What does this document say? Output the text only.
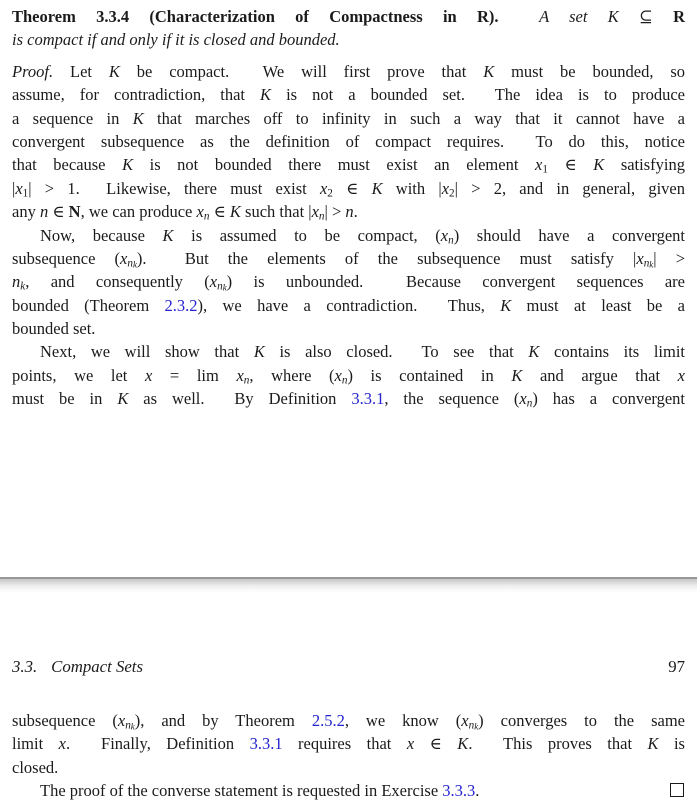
Theorem 3.3.4 (Characterization of Compactness in R). A set K ⊆ R
is compact if and only if it is closed and bounded.
Proof. Let K be compact.  We will first prove that K must be bounded, so
assume, for contradiction, that K is not a bounded set.  The idea is to produce
a sequence in K that marches off to infinity in such a way that it cannot have a
convergent subsequence as the definition of compact requires.  To do this, notice
that because K is not bounded there must exist an element x1 ∈ K satisfying
|x1| > 1.  Likewise, there must exist x2 ∈ K with |x2| > 2, and in general, given
any n ∈ N, we can produce xn ∈ K such that |xn| > n.
Now, because K is assumed to be compact, (xn) should have a convergent
subsequence $(xn_k)$.  But the elements of the subsequence must satisfy $|xn_k|$ >
nk, and consequently $(xn_k)$ is unbounded.  Because convergent sequences are
bounded (Theorem 2.3.2), we have a contradiction.  Thus, K must at least be a
bounded set.
Next, we will show that K is also closed.  To see that K contains its limit
points, we let x = lim xn, where (xn) is contained in K and argue that x
must be in K as well.  By Definition 3.3.1, the sequence (xn) has a convergent
3.3. Compact Sets	97
subsequence $(xn_k)$, and by Theorem 2.5.2, we know $(xn_k)$ converges to the same
limit x.  Finally, Definition 3.3.1 requires that x ∈ K.  This proves that K is
closed.
The proof of the converse statement is requested in Exercise 3.3.3.
